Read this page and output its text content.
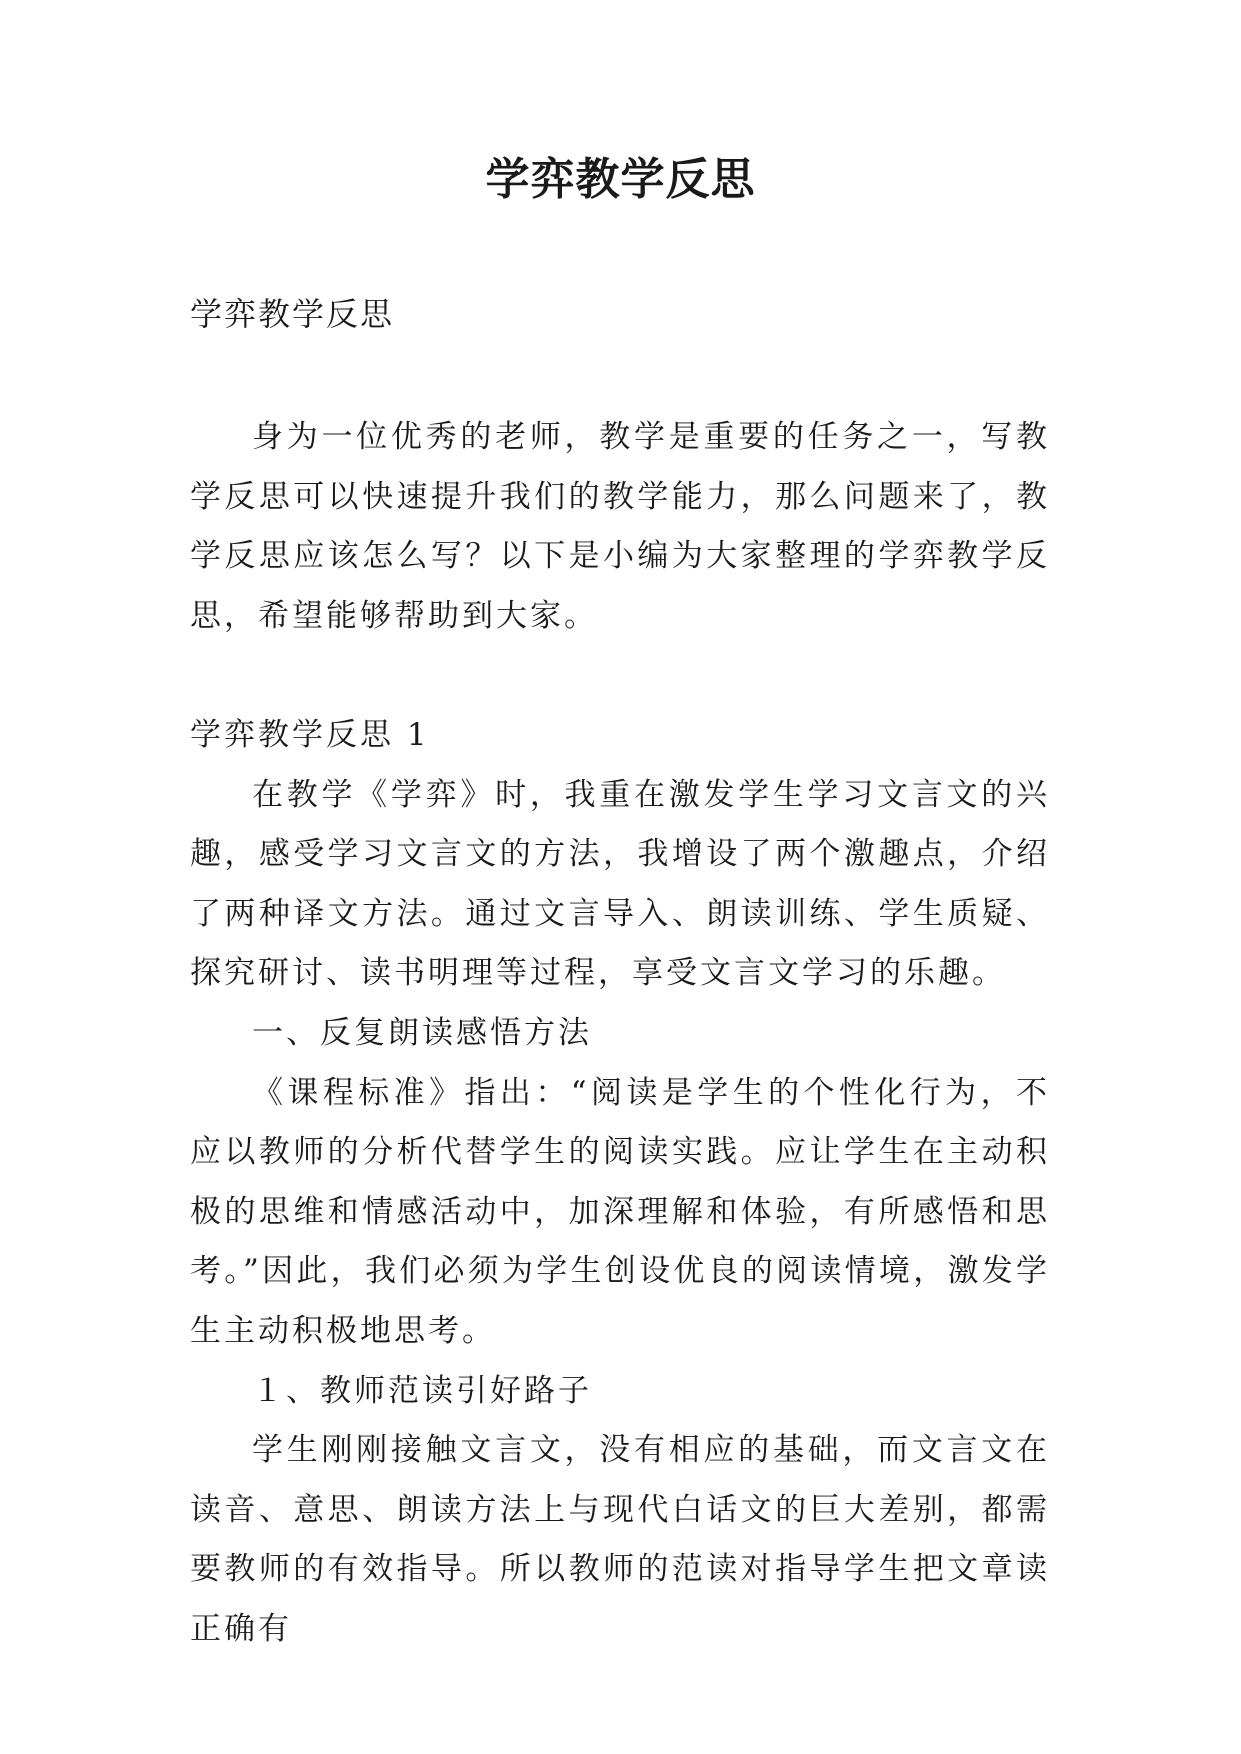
学弈教学反思
学弈教学反思

身为一位优秀的老师，教学是重要的任务之一，写教学反思可以快速提升我们的教学能力，那么问题来了，教学反思应该怎么写？以下是小编为大家整理的学弈教学反思，希望能够帮助到大家。

学弈教学反思 1

在教学《学弈》时，我重在激发学生学习文言文的兴趣，感受学习文言文的方法，我增设了两个激趣点，介绍了两种译文方法。通过文言导入、朗读训练、学生质疑、探究研讨、读书明理等过程，享受文言文学习的乐趣。

一、反复朗读感悟方法

《课程标准》指出：“阅读是学生的个性化行为，不应以教师的分析代替学生的阅读实践。应让学生在主动积极的思维和情感活动中，加深理解和体验，有所感悟和思考。”因此，我们必须为学生创设优良的阅读情境，激发学生主动积极地思考。

１、教师范读引好路子

学生刚刚接触文言文，没有相应的基础，而文言文在读音、意思、朗读方法上与现代白话文的巨大差别，都需要教师的有效指导。所以教师的范读对指导学生把文章读正确有
